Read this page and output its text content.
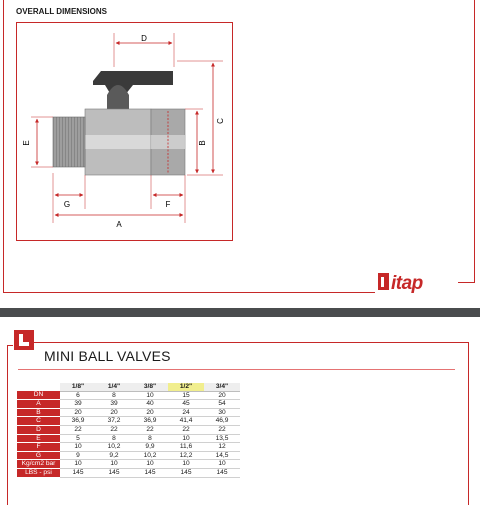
OVERALL DIMENSIONS
D
C
B
E
G	F
A
itap
MINI BALL VALVES
	1/8"	1/4"	3/8"	1/2"	3/4"
DN	6	8	10	15	20
A	39	39	40	45	54
B	20	20	20	24	30
C	36,9	37,2	36,9	41,4	46,9
D	22	22	22	22	22
E	5	8	8	10	13,5
F	10	10,2	9,9	11,6	12
G	9	9,2	10,2	12,2	14,5
Kg/cm2 bar	10	10	10	10	10
LBS - psi	145	145	145	145	145
